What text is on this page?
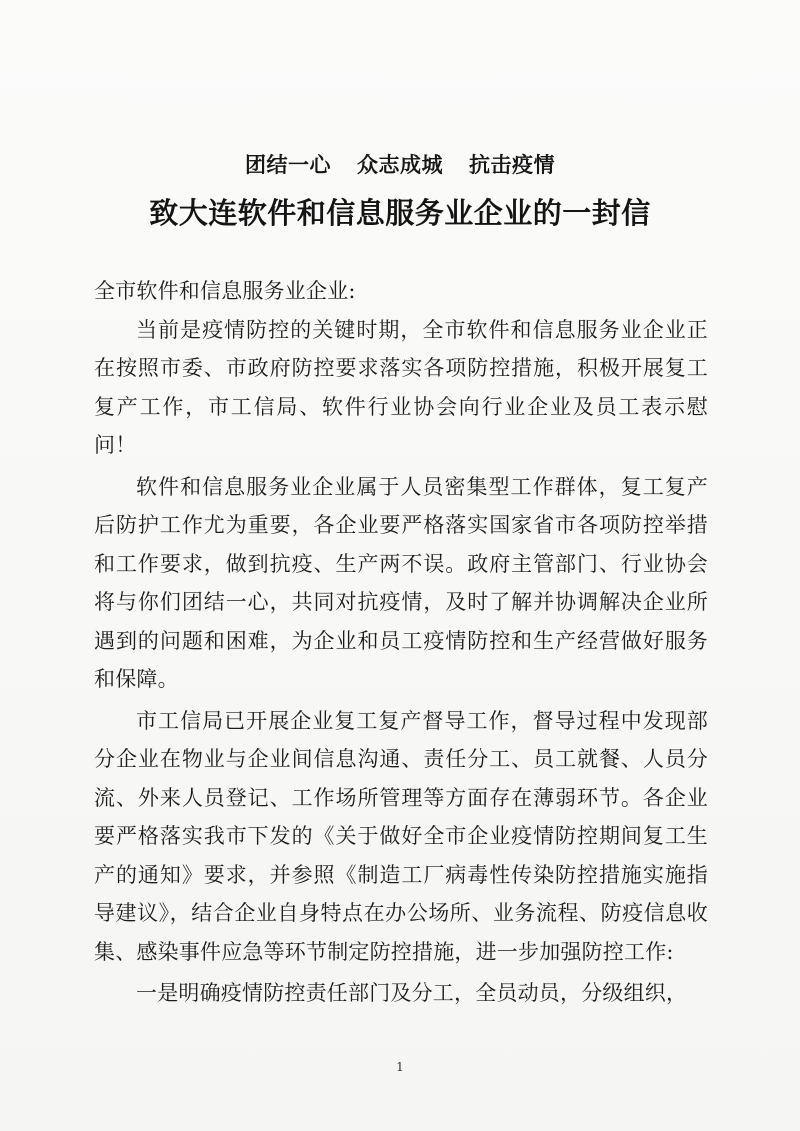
团结一心 众志成城 抗击疫情
致大连软件和信息服务业企业的一封信

全市软件和信息服务业企业:

当前是疫情防控的关键时期，全市软件和信息服务业企业正在按照市委、市政府防控要求落实各项防控措施，积极开展复工复产工作，市工信局、软件行业协会向行业企业及员工表示慰问！

软件和信息服务业企业属于人员密集型工作群体，复工复产后防护工作尤为重要，各企业要严格落实国家省市各项防控举措和工作要求，做到抗疫、生产两不误。政府主管部门、行业协会将与你们团结一心，共同对抗疫情，及时了解并协调解决企业所遇到的问题和困难，为企业和员工疫情防控和生产经营做好服务和保障。

市工信局已开展企业复工复产督导工作，督导过程中发现部分企业在物业与企业间信息沟通、责任分工、员工就餐、人员分流、外来人员登记、工作场所管理等方面存在薄弱环节。各企业要严格落实我市下发的《关于做好全市企业疫情防控期间复工生产的通知》要求，并参照《制造工厂病毒性传染防控措施实施指导建议》，结合企业自身特点在办公场所、业务流程、防疫信息收集、感染事件应急等环节制定防控措施，进一步加强防控工作:

一是明确疫情防控责任部门及分工，全员动员，分级组织，

1
